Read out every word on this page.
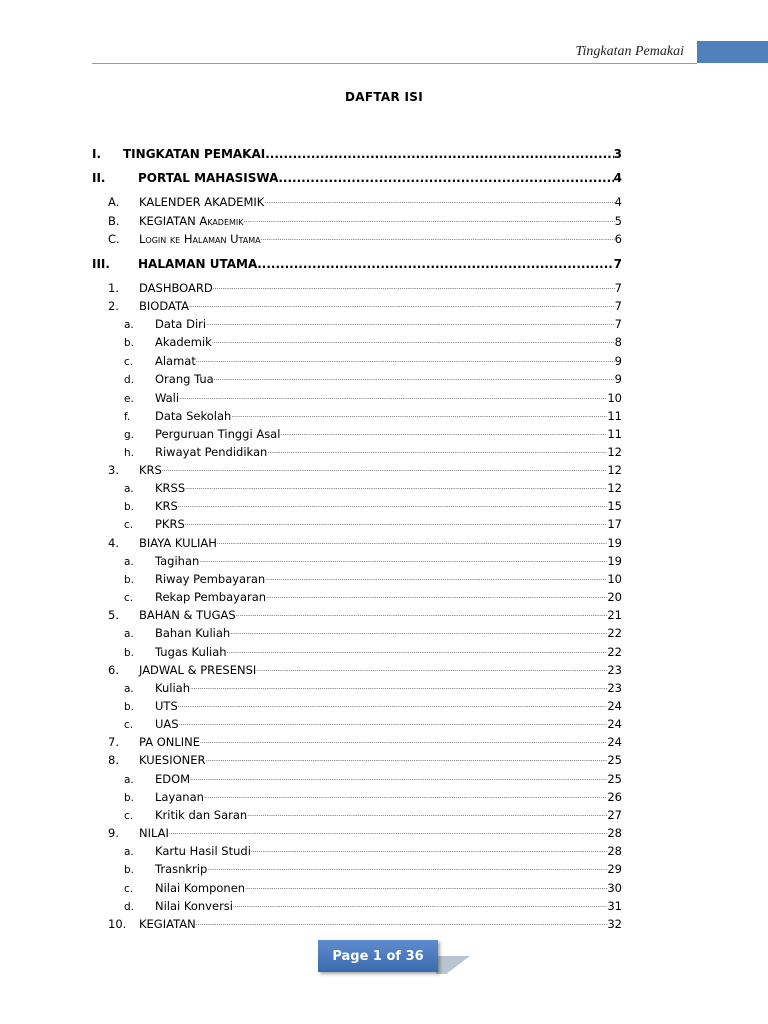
Tingkatan Pemakai
DAFTAR ISI
I. TINGKATAN PEMAKAI .....	3
II.	PORTAL MAHASISWA .....	4
A. KALENDER AKADEMIK .....	4
B. KEGIATAN Akademik .....	5
C. Login ke Halaman Utama .....	6
III. HALAMAN UTAMA .....	7
1. DASHBOARD .....	7
2. BIODATA .....	7
a. Data Diri .....	7
b. Akademik .....	8
c. Alamat .....	9
d. Orang Tua .....	9
e. Wali .....	10
f. Data Sekolah .....	11
g. Perguruan Tinggi Asal .....	11
h. Riwayat Pendidikan .....	12
3. KRS .....	12
a. KRSS .....	12
b. KRS .....	15
c. PKRS .....	17
4. BIAYA KULIAH .....	19
a. Tagihan .....	19
b. Riway Pembayaran .....	10
c. Rekap Pembayaran .....	20
5. BAHAN & TUGAS .....	21
a. Bahan Kuliah .....	22
b. Tugas Kuliah .....	22
6. JADWAL & PRESENSI .....	23
a. Kuliah .....	23
b. UTS .....	24
c. UAS .....	24
7. PA ONLINE .....	24
8. KUESIONER .....	25
a. EDOM .....	25
b. Layanan .....	26
c. Kritik dan Saran .....	27
9. NILAI .....	28
a. Kartu Hasil Studi .....	28
b. Trasnkrip .....	29
c. Nilai Komponen .....	30
d. Nilai Konversi .....	31
10. KEGIATAN .....	32
Page 1 of 36
